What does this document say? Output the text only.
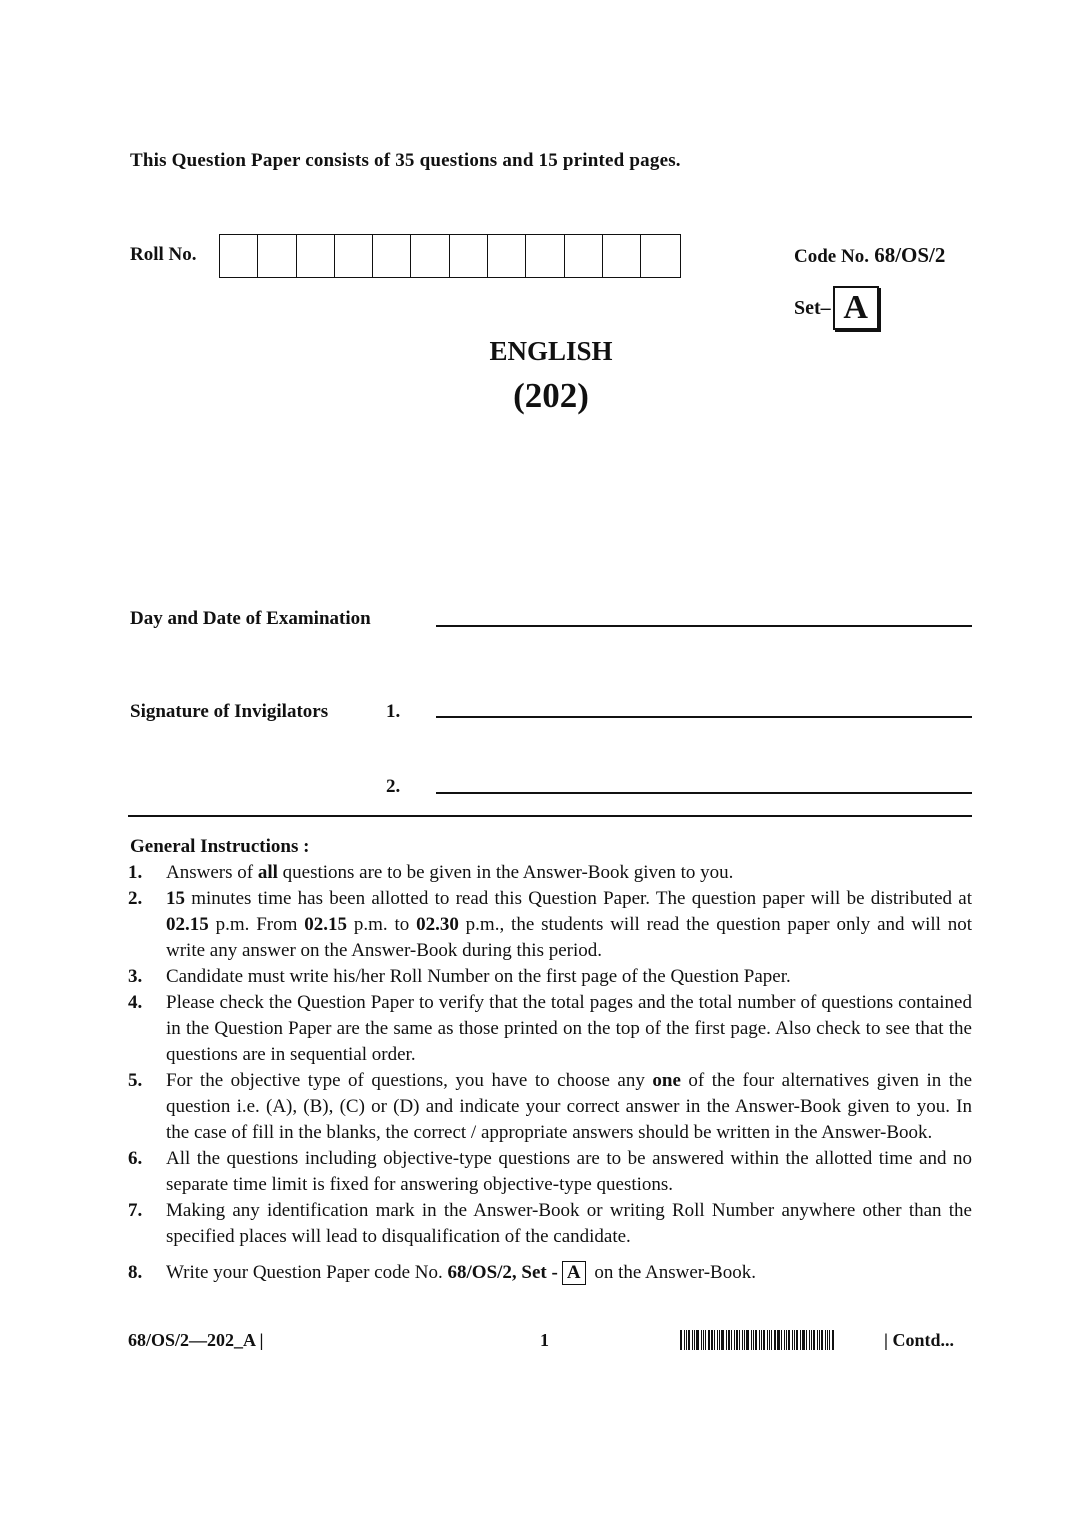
This Question Paper consists of 35 questions and 15 printed pages.
Roll No.	Code No. 68/OS/2
Set– A
ENGLISH
(202)
Day and Date of Examination
Signature of Invigilators	1.
2.
General Instructions :
1.	Answers of all questions are to be given in the Answer-Book given to you.
2.	15 minutes time has been allotted to read this Question Paper. The question paper will be distributed at 02.15 p.m. From 02.15 p.m. to 02.30 p.m., the students will read the question paper only and will not write any answer on the Answer-Book during this period.
3.	Candidate must write his/her Roll Number on the first page of the Question Paper.
4.	Please check the Question Paper to verify that the total pages and the total number of questions contained in the Question Paper are the same as those printed on the top of the first page. Also check to see that the questions are in sequential order.
5.	For the objective type of questions, you have to choose any one of the four alternatives given in the question i.e. (A), (B), (C) or (D) and indicate your correct answer in the Answer-Book given to you. In the case of fill in the blanks, the correct / appropriate answers should be written in the Answer-Book.
6.	All the questions including objective-type questions are to be answered within the allotted time and no separate time limit is fixed for answering objective-type questions.
7.	Making any identification mark in the Answer-Book or writing Roll Number anywhere other than the specified places will lead to disqualification of the candidate.
8.	Write your Question Paper code No. 68/OS/2, Set - A on the Answer-Book.
68/OS/2—202_A |	1	| Contd...
